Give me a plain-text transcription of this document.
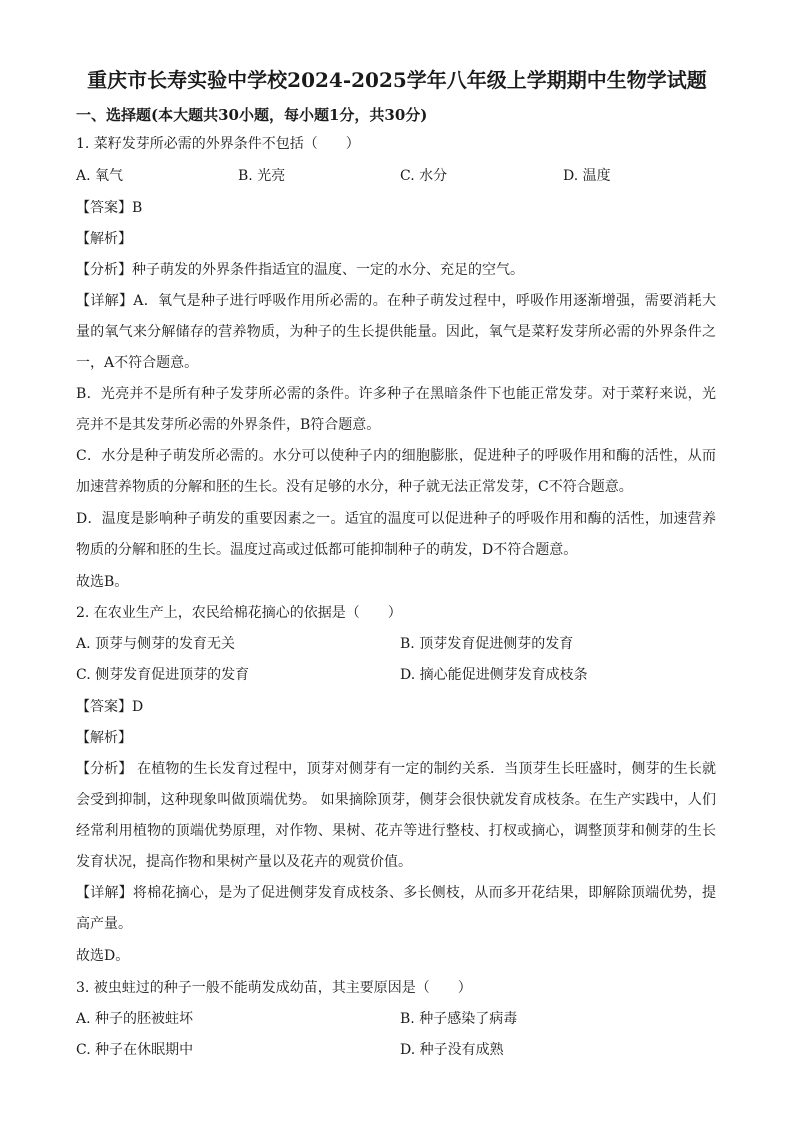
重庆市长寿实验中学校2024-2025学年八年级上学期期中生物学试题
一、选择题(本大题共30小题，每小题1分，共30分)
1. 菜籽发芽所必需的外界条件不包括（　　）
A. 氧气	B. 光亮	C. 水分	D. 温度
【答案】B
【解析】
【分析】种子萌发的外界条件指适宜的温度、一定的水分、充足的空气。
【详解】A．氧气是种子进行呼吸作用所必需的。在种子萌发过程中，呼吸作用逐渐增强，需要消耗大量的氧气来分解储存的营养物质，为种子的生长提供能量。因此，氧气是菜籽发芽所必需的外界条件之一，A不符合题意。
B．光亮并不是所有种子发芽所必需的条件。许多种子在黑暗条件下也能正常发芽。对于菜籽来说，光亮并不是其发芽所必需的外界条件，B符合题意。
C．水分是种子萌发所必需的。水分可以使种子内的细胞膨胀，促进种子的呼吸作用和酶的活性，从而加速营养物质的分解和胚的生长。没有足够的水分，种子就无法正常发芽，C不符合题意。
D．温度是影响种子萌发的重要因素之一。适宜的温度可以促进种子的呼吸作用和酶的活性，加速营养物质的分解和胚的生长。温度过高或过低都可能抑制种子的萌发，D不符合题意。
故选B。
2. 在农业生产上，农民给棉花摘心的依据是（　　）
A. 顶芽与侧芽的发育无关	B. 顶芽发育促进侧芽的发育
C. 侧芽发育促进顶芽的发育	D. 摘心能促进侧芽发育成枝条
【答案】D
【解析】
【分析】 在植物的生长发育过程中，顶芽对侧芽有一定的制约关系．当顶芽生长旺盛时，侧芽的生长就会受到抑制，这种现象叫做顶端优势。 如果摘除顶芽，侧芽会很快就发育成枝条。在生产实践中，人们经常利用植物的顶端优势原理，对作物、果树、花卉等进行整枝、打杈或摘心，调整顶芽和侧芽的生长发育状况，提高作物和果树产量以及花卉的观赏价值。
【详解】将棉花摘心，是为了促进侧芽发育成枝条、多长侧枝，从而多开花结果，即解除顶端优势，提高产量。
故选D。
3. 被虫蛀过的种子一般不能萌发成幼苗，其主要原因是（　　）
A. 种子的胚被蛀坏	B. 种子感染了病毒
C. 种子在休眠期中	D. 种子没有成熟
